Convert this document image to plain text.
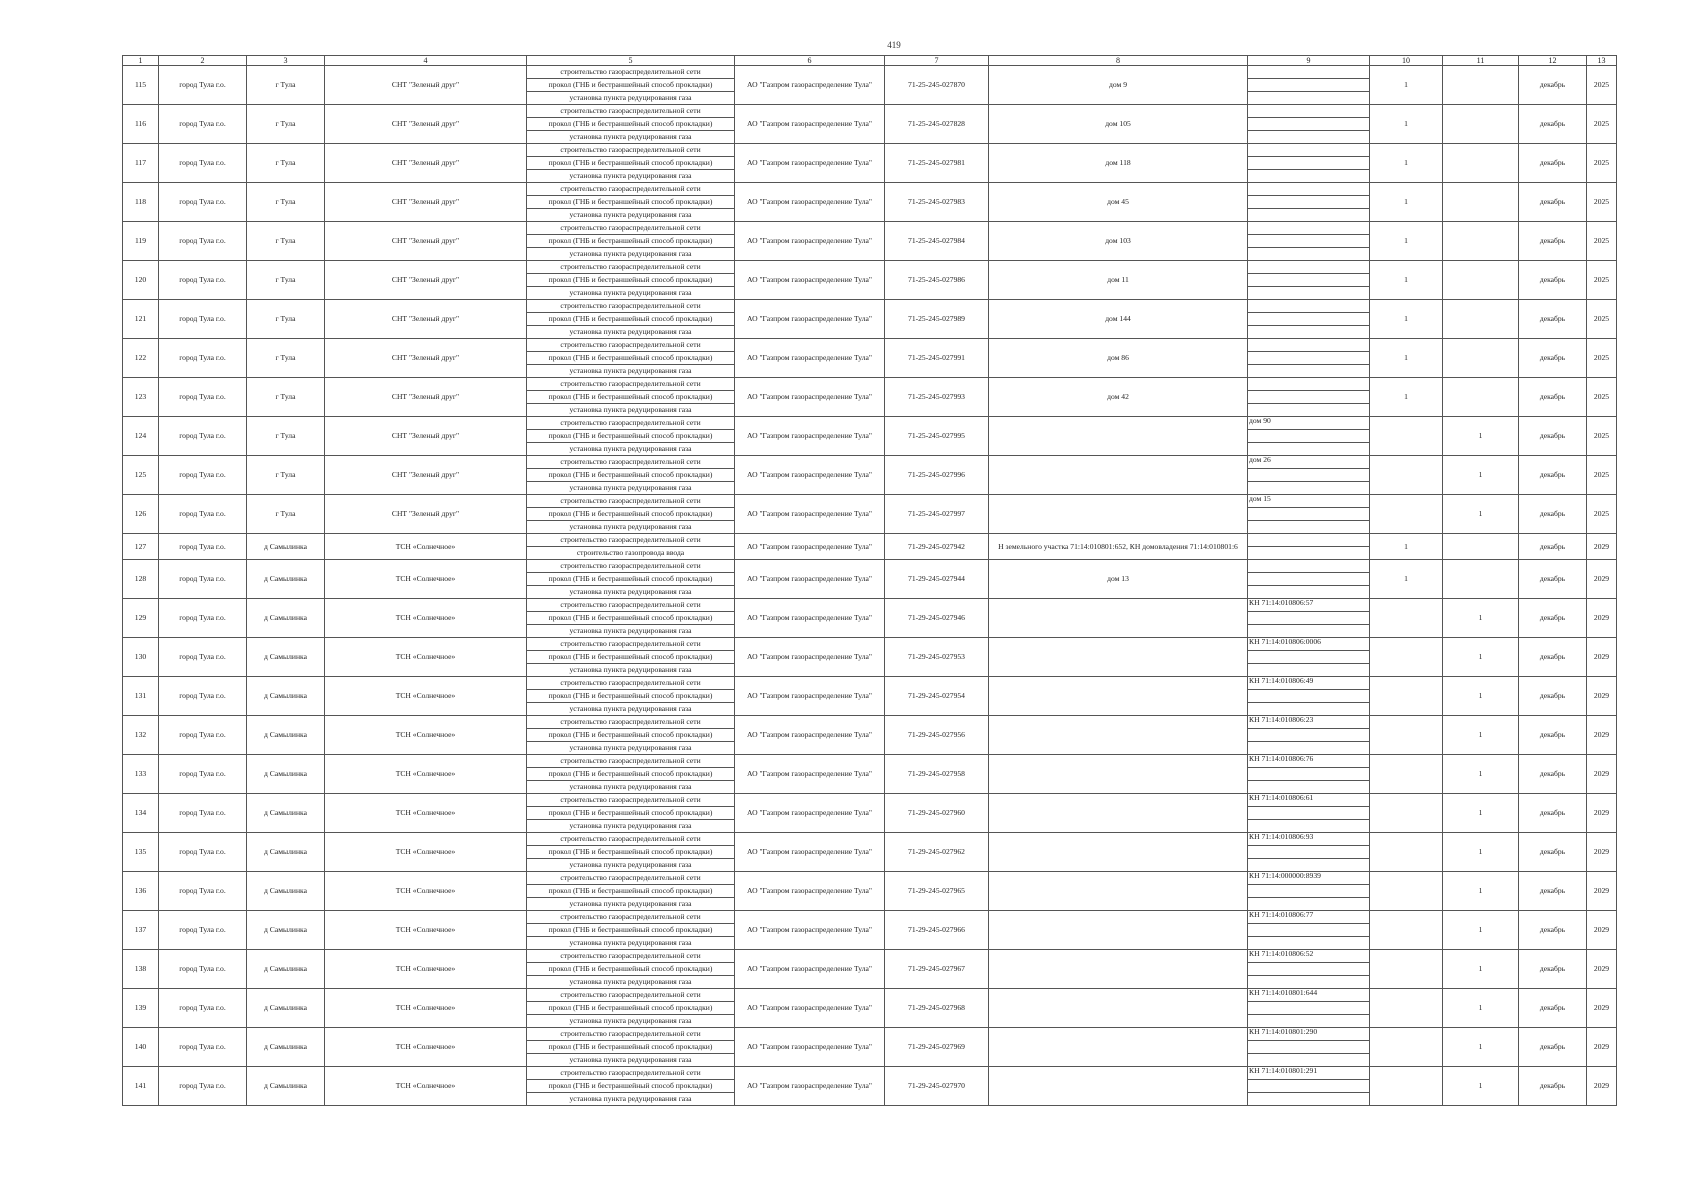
419
1	2	3	4	5	6	7	8	9	10	11	12	13
115	город Тула г.о.	г Тула	СНТ "Зеленый друг"	строительство газораспределительной сети	АО "Газпром газораспределение Тула"	71-25-245-027870	дом 9		1		декабрь	2025
				прокол (ГНБ и бестраншейный способ прокладки)								
				установка пункта редуцирования газа								
116	город Тула г.о.	г Тула	СНТ "Зеленый друг"	строительство газораспределительной сети	АО "Газпром газораспределение Тула"	71-25-245-027828	дом 105		1		декабрь	2025
				прокол (ГНБ и бестраншейный способ прокладки)								
				установка пункта редуцирования газа								
117	город Тула г.о.	г Тула	СНТ "Зеленый друг"	строительство газораспределительной сети	АО "Газпром газораспределение Тула"	71-25-245-027981	дом 118		1		декабрь	2025
				прокол (ГНБ и бестраншейный способ прокладки)								
				установка пункта редуцирования газа								
118	город Тула г.о.	г Тула	СНТ "Зеленый друг"	строительство газораспределительной сети	АО "Газпром газораспределение Тула"	71-25-245-027983	дом 45		1		декабрь	2025
				прокол (ГНБ и бестраншейный способ прокладки)								
				установка пункта редуцирования газа								
119	город Тула г.о.	г Тула	СНТ "Зеленый друг"	строительство газораспределительной сети	АО "Газпром газораспределение Тула"	71-25-245-027984	дом 103		1		декабрь	2025
				прокол (ГНБ и бестраншейный способ прокладки)								
				установка пункта редуцирования газа								
120	город Тула г.о.	г Тула	СНТ "Зеленый друг"	строительство газораспределительной сети	АО "Газпром газораспределение Тула"	71-25-245-027986	дом 11		1		декабрь	2025
				прокол (ГНБ и бестраншейный способ прокладки)								
				установка пункта редуцирования газа								
121	город Тула г.о.	г Тула	СНТ "Зеленый друг"	строительство газораспределительной сети	АО "Газпром газораспределение Тула"	71-25-245-027989	дом 144		1		декабрь	2025
				прокол (ГНБ и бестраншейный способ прокладки)								
				установка пункта редуцирования газа								
122	город Тула г.о.	г Тула	СНТ "Зеленый друг"	строительство газораспределительной сети	АО "Газпром газораспределение Тула"	71-25-245-027991	дом 86		1		декабрь	2025
				прокол (ГНБ и бестраншейный способ прокладки)								
				установка пункта редуцирования газа								
123	город Тула г.о.	г Тула	СНТ "Зеленый друг"	строительство газораспределительной сети	АО "Газпром газораспределение Тула"	71-25-245-027993	дом 42		1		декабрь	2025
				прокол (ГНБ и бестраншейный способ прокладки)								
				установка пункта редуцирования газа								
124	город Тула г.о.	г Тула	СНТ "Зеленый друг"	строительство газораспределительной сети	АО "Газпром газораспределение Тула"	71-25-245-027995		дом 90		1	декабрь	2025
				прокол (ГНБ и бестраншейный способ прокладки)								
				установка пункта редуцирования газа								
125	город Тула г.о.	г Тула	СНТ "Зеленый друг"	строительство газораспределительной сети	АО "Газпром газораспределение Тула"	71-25-245-027996		дом 26		1	декабрь	2025
				прокол (ГНБ и бестраншейный способ прокладки)								
				установка пункта редуцирования газа								
126	город Тула г.о.	г Тула	СНТ "Зеленый друг"	строительство газораспределительной сети	АО "Газпром газораспределение Тула"	71-25-245-027997		дом 15		1	декабрь	2025
				прокол (ГНБ и бестраншейный способ прокладки)								
				установка пункта редуцирования газа								
127	город Тула г.о.	д Самылинка	ТСН «Солнечное»	строительство газораспределительной сети	АО "Газпром газораспределение Тула"	71-29-245-027942	Н земельного участка 71:14:010801:652, КН домовладения 71:14:010801:6		1		декабрь	2029
				строительство газопровода ввода								
128	город Тула г.о.	д Самылинка	ТСН «Солнечное»	строительство газораспределительной сети	АО "Газпром газораспределение Тула"	71-29-245-027944	дом 13		1		декабрь	2029
				прокол (ГНБ и бестраншейный способ прокладки)								
				установка пункта редуцирования газа								
129	город Тула г.о.	д Самылинка	ТСН «Солнечное»	строительство газораспределительной сети	АО "Газпром газораспределение Тула"	71-29-245-027946		КН 71:14:010806:57		1	декабрь	2029
				прокол (ГНБ и бестраншейный способ прокладки)								
				установка пункта редуцирования газа								
130	город Тула г.о.	д Самылинка	ТСН «Солнечное»	строительство газораспределительной сети	АО "Газпром газораспределение Тула"	71-29-245-027953		КН 71:14:010806:0006		1	декабрь	2029
				прокол (ГНБ и бестраншейный способ прокладки)								
				установка пункта редуцирования газа								
131	город Тула г.о.	д Самылинка	ТСН «Солнечное»	строительство газораспределительной сети	АО "Газпром газораспределение Тула"	71-29-245-027954		КН 71:14:010806:49		1	декабрь	2029
				прокол (ГНБ и бестраншейный способ прокладки)								
				установка пункта редуцирования газа								
132	город Тула г.о.	д Самылинка	ТСН «Солнечное»	строительство газораспределительной сети	АО "Газпром газораспределение Тула"	71-29-245-027956		КН 71:14:010806:23		1	декабрь	2029
				прокол (ГНБ и бестраншейный способ прокладки)								
				установка пункта редуцирования газа								
133	город Тула г.о.	д Самылинка	ТСН «Солнечное»	строительство газораспределительной сети	АО "Газпром газораспределение Тула"	71-29-245-027958		КН 71:14:010806:76		1	декабрь	2029
				прокол (ГНБ и бестраншейный способ прокладки)								
				установка пункта редуцирования газа								
134	город Тула г.о.	д Самылинка	ТСН «Солнечное»	строительство газораспределительной сети	АО "Газпром газораспределение Тула"	71-29-245-027960		КН 71:14:010806:61		1	декабрь	2029
				прокол (ГНБ и бестраншейный способ прокладки)								
				установка пункта редуцирования газа								
135	город Тула г.о.	д Самылинка	ТСН «Солнечное»	строительство газораспределительной сети	АО "Газпром газораспределение Тула"	71-29-245-027962		КН 71:14:010806:93		1	декабрь	2029
				прокол (ГНБ и бестраншейный способ прокладки)								
				установка пункта редуцирования газа								
136	город Тула г.о.	д Самылинка	ТСН «Солнечное»	строительство газораспределительной сети	АО "Газпром газораспределение Тула"	71-29-245-027965		КН 71:14:000000:8939		1	декабрь	2029
				прокол (ГНБ и бестраншейный способ прокладки)								
				установка пункта редуцирования газа								
137	город Тула г.о.	д Самылинка	ТСН «Солнечное»	строительство газораспределительной сети	АО "Газпром газораспределение Тула"	71-29-245-027966		КН 71:14:010806:77		1	декабрь	2029
				прокол (ГНБ и бестраншейный способ прокладки)								
				установка пункта редуцирования газа								
138	город Тула г.о.	д Самылинка	ТСН «Солнечное»	строительство газораспределительной сети	АО "Газпром газораспределение Тула"	71-29-245-027967		КН 71:14:010806:52		1	декабрь	2029
				прокол (ГНБ и бестраншейный способ прокладки)								
				установка пункта редуцирования газа								
139	город Тула г.о.	д Самылинка	ТСН «Солнечное»	строительство газораспределительной сети	АО "Газпром газораспределение Тула"	71-29-245-027968		КН 71:14:010801:644		1	декабрь	2029
				прокол (ГНБ и бестраншейный способ прокладки)								
				установка пункта редуцирования газа								
140	город Тула г.о.	д Самылинка	ТСН «Солнечное»	строительство газораспределительной сети	АО "Газпром газораспределение Тула"	71-29-245-027969		КН 71:14:010801:290		1	декабрь	2029
				прокол (ГНБ и бестраншейный способ прокладки)								
				установка пункта редуцирования газа								
141	город Тула г.о.	д Самылинка	ТСН «Солнечное»	строительство газораспределительной сети	АО "Газпром газораспределение Тула"	71-29-245-027970		КН 71:14:010801:291		1	декабрь	2029
				прокол (ГНБ и бестраншейный способ прокладки)								
				установка пункта редуцирования газа								
